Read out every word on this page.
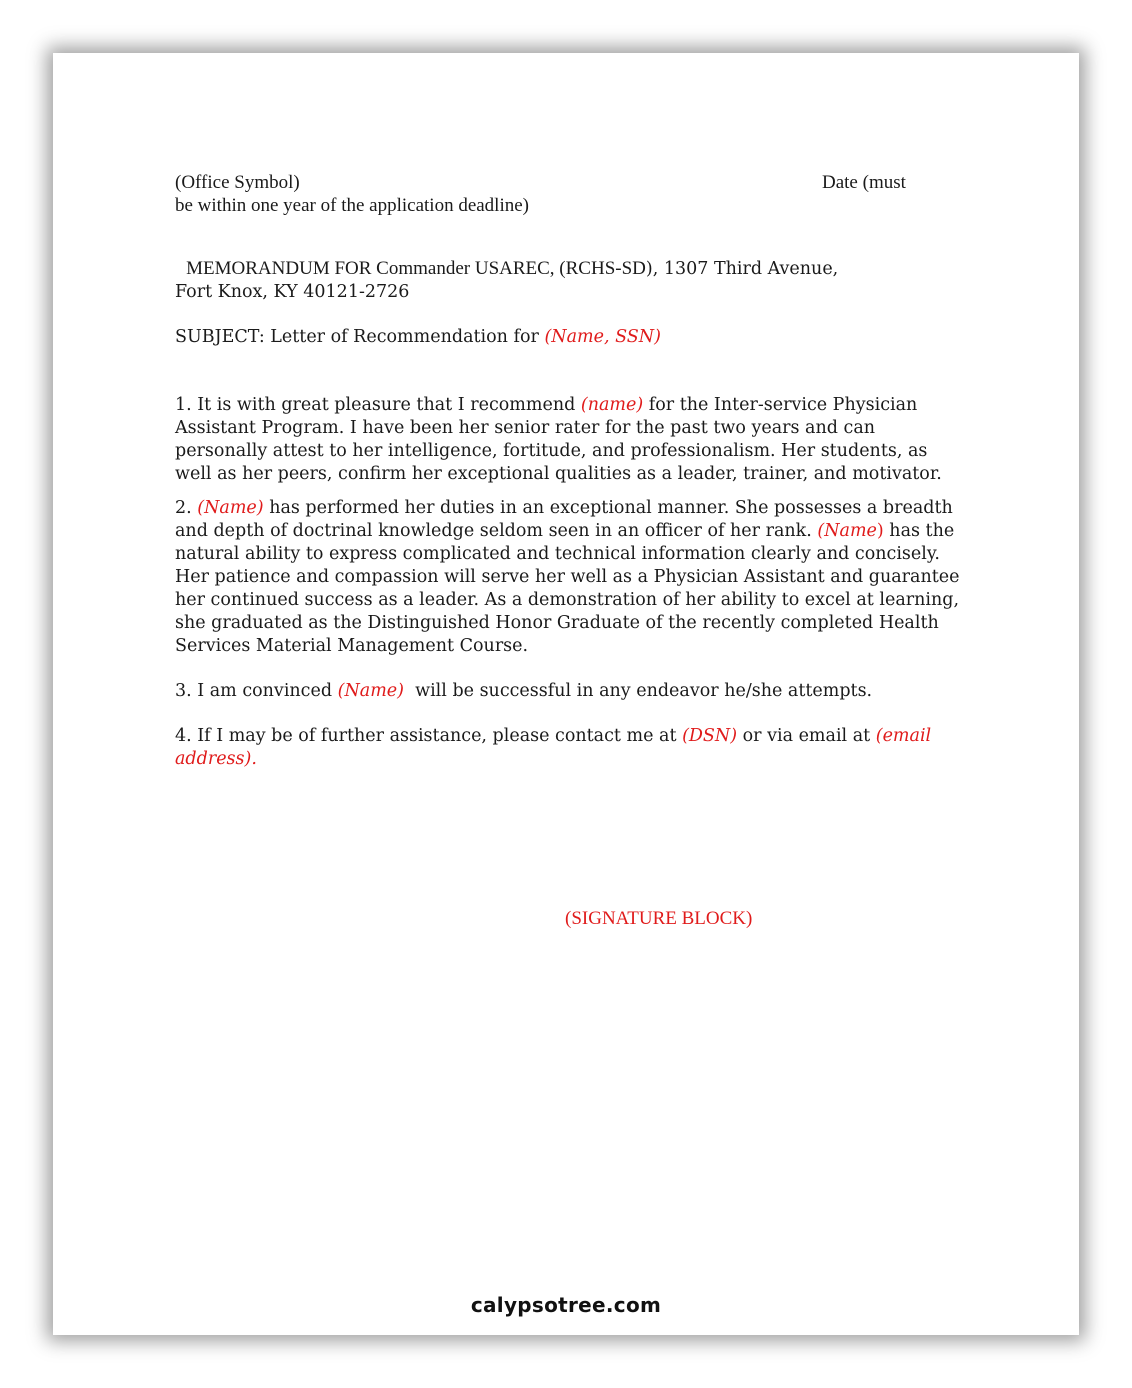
(Office Symbol)	Date (must
be within one year of the application deadline)

MEMORANDUM FOR Commander USAREC, (RCHS-SD), 1307 Third Avenue,
Fort Knox, KY 40121-2726

SUBJECT: Letter of Recommendation for (Name, SSN)

1. It is with great pleasure that I recommend (name) for the Inter-service Physician Assistant Program. I have been her senior rater for the past two years and can personally attest to her intelligence, fortitude, and professionalism. Her students, as well as her peers, confirm her exceptional qualities as a leader, trainer, and motivator.

2. (Name) has performed her duties in an exceptional manner. She possesses a breadth and depth of doctrinal knowledge seldom seen in an officer of her rank. (Name) has the natural ability to express complicated and technical information clearly and concisely. Her patience and compassion will serve her well as a Physician Assistant and guarantee her continued success as a leader. As a demonstration of her ability to excel at learning, she graduated as the Distinguished Honor Graduate of the recently completed Health Services Material Management Course.

3. I am convinced (Name)  will be successful in any endeavor he/she attempts.

4. If I may be of further assistance, please contact me at (DSN) or via email at (email address).

(SIGNATURE BLOCK)
calypsotree.com
